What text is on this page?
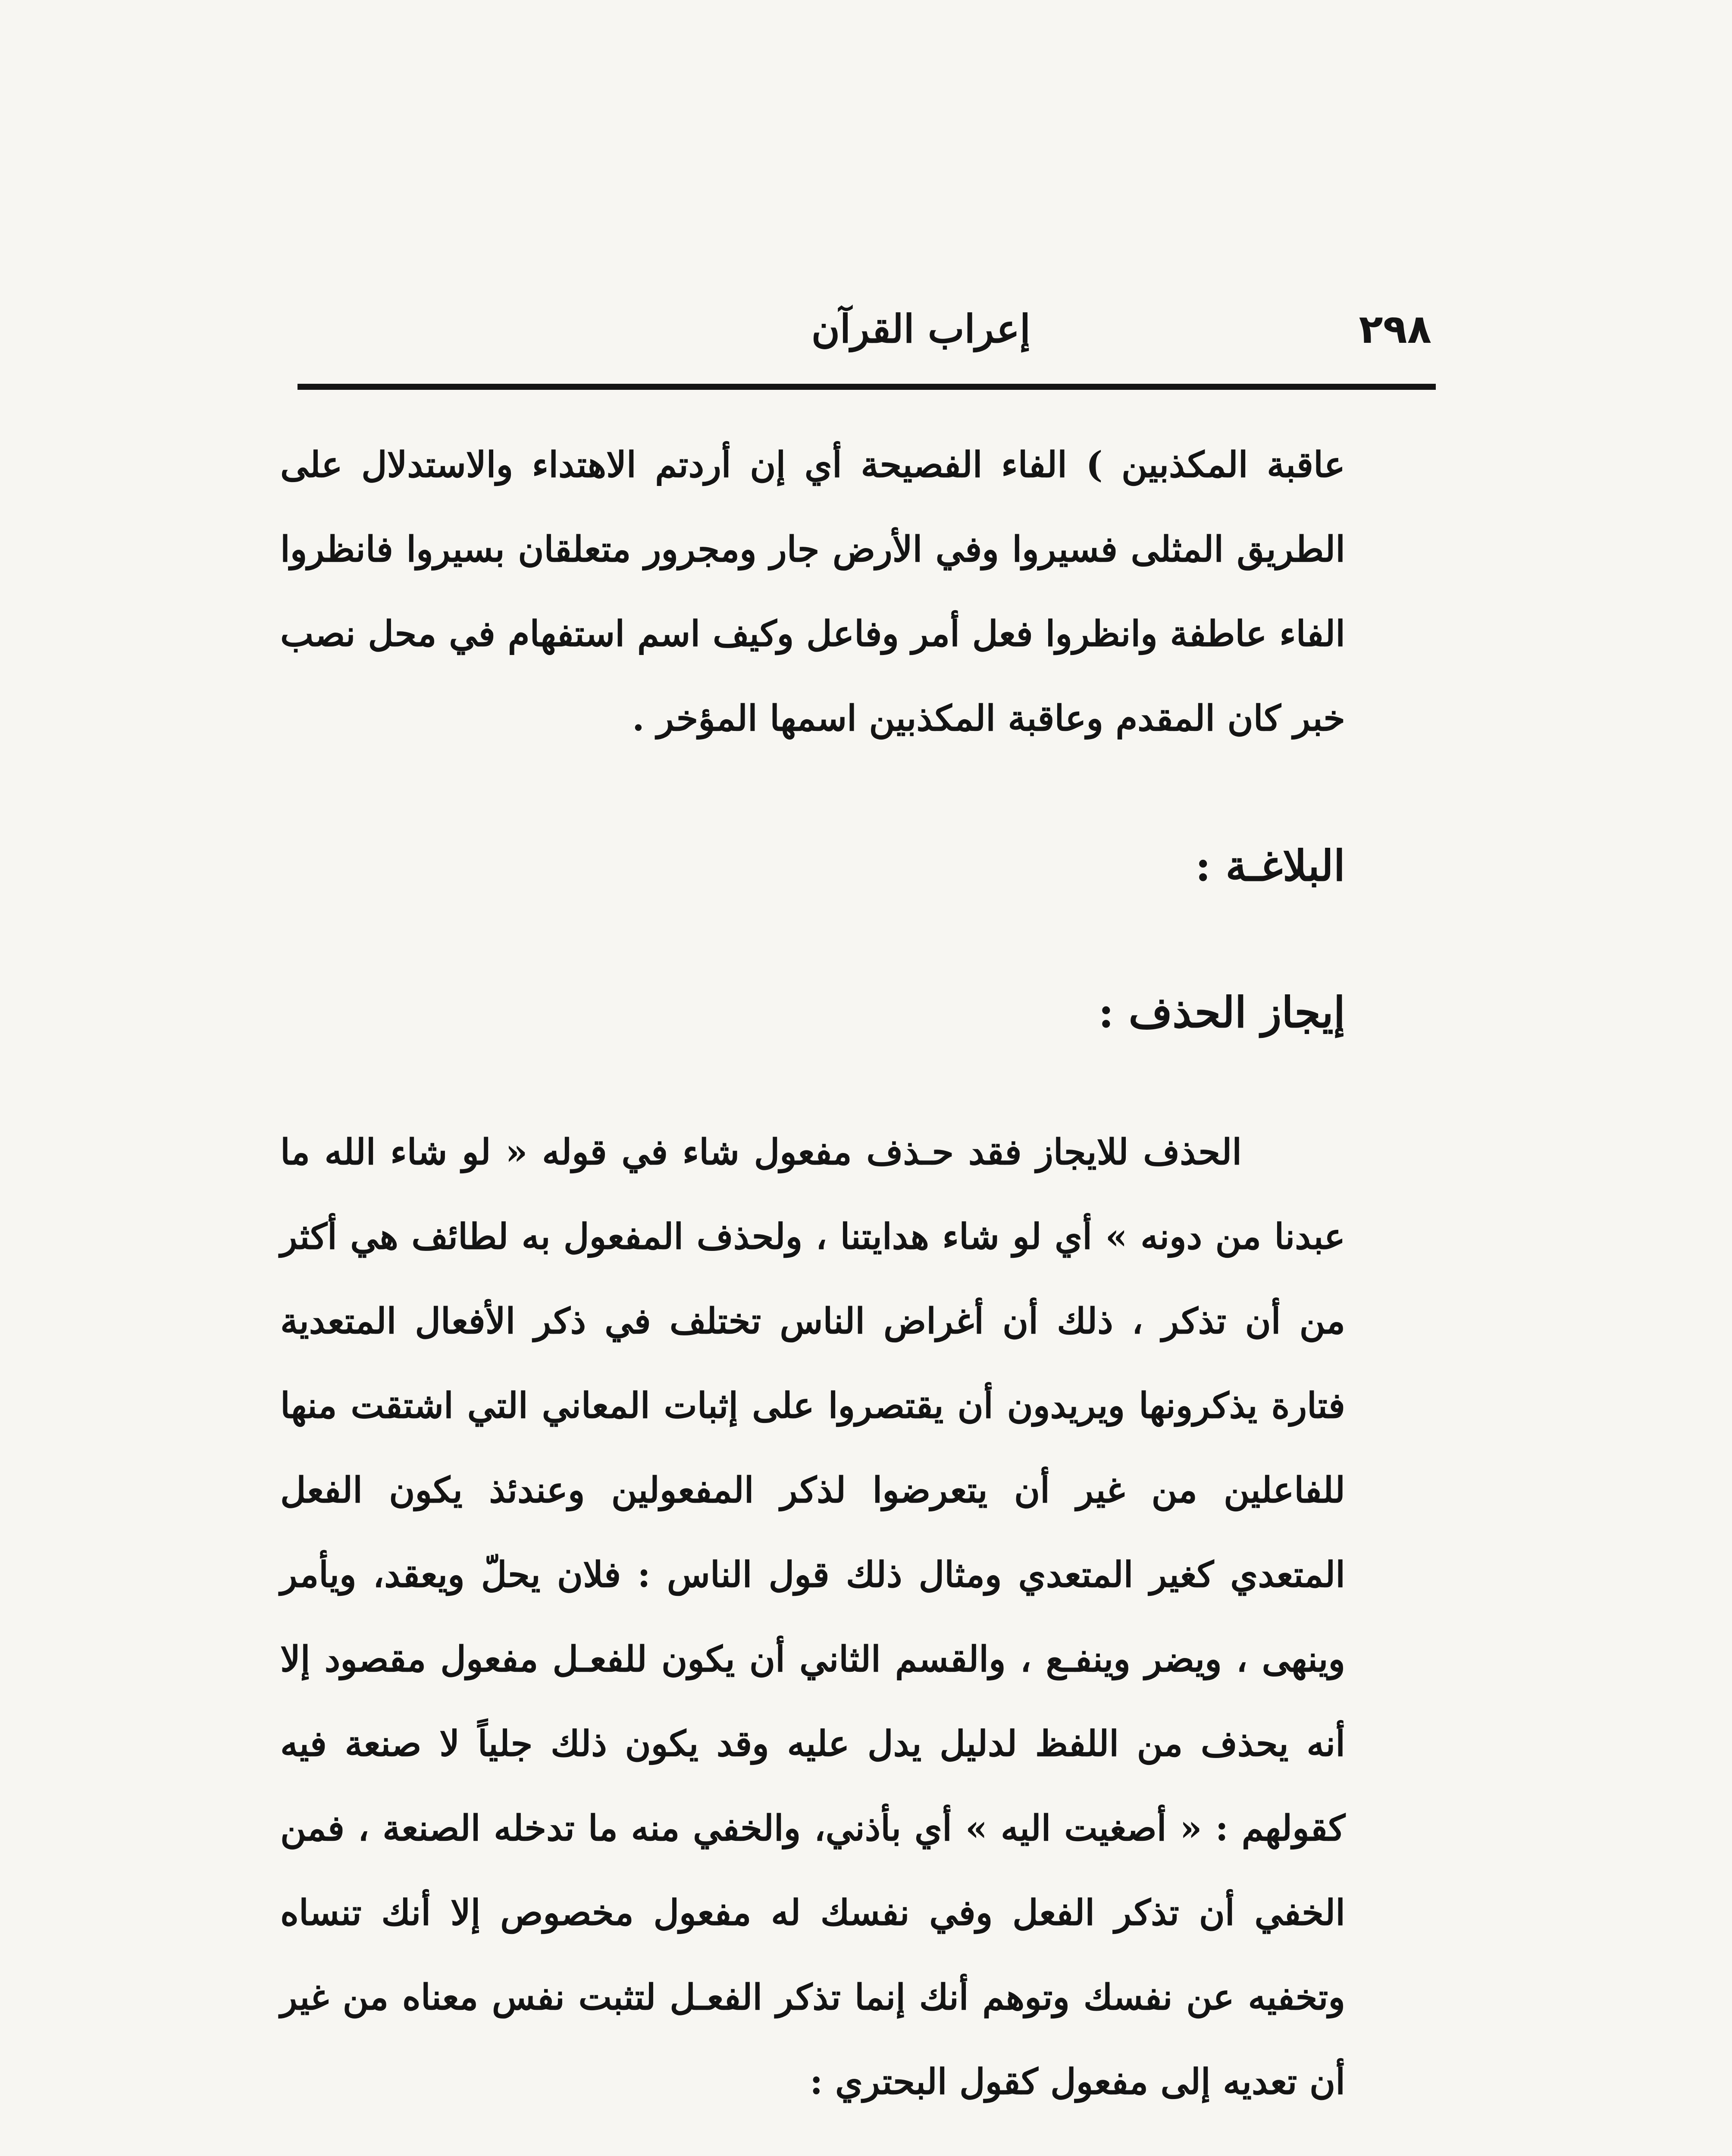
٢٩٨
إعراب القرآن

عاقبة المكذبين ) الفاء الفصيحة أي إن أردتم الاهتداء والاستدلال على الطريق المثلى فسيروا وفي الأرض جار ومجرور متعلقان بسيروا فانظروا الفاء عاطفة وانظروا فعل أمر وفاعل وكيف اسم استفهام في محل نصب خبر كان المقدم وعاقبة المكذبين اسمها المؤخر .

البلاغـة :

إيجاز الحذف :

الحذف للايجاز فقد حـذف مفعول شاء في قوله « لو شاء الله ما عبدنا من دونه » أي لو شاء هدايتنا ، ولحذف المفعول به لطائف هي أكثر من أن تذكر ، ذلك أن أغراض الناس تختلف في ذكر الأفعال المتعدية فتارة يذكرونها ويريدون أن يقتصروا على إثبات المعاني التي اشتقت منها للفاعلين من غير أن يتعرضوا لذكر المفعولين وعندئذ يكون الفعل المتعدي كغير المتعدي ومثال ذلك قول الناس : فلان يحلّ ويعقد، ويأمر وينهى ، ويضر وينفـع ، والقسم الثاني أن يكون للفعـل مفعول مقصود إلا أنه يحذف من اللفظ لدليل يدل عليه وقد يكون ذلك جلياً لا صنعة فيه كقولهم : « أصغيت اليه » أي بأذني، والخفي منه ما تدخله الصنعة ، فمن الخفي أن تذكر الفعل وفي نفسك له مفعول مخصوص إلا أنك تنساه وتخفيه عن نفسك وتوهم أنك إنما تذكر الفعـل لتثبت نفس معناه من غير أن تعديه إلى مفعول كقول البحتري :
